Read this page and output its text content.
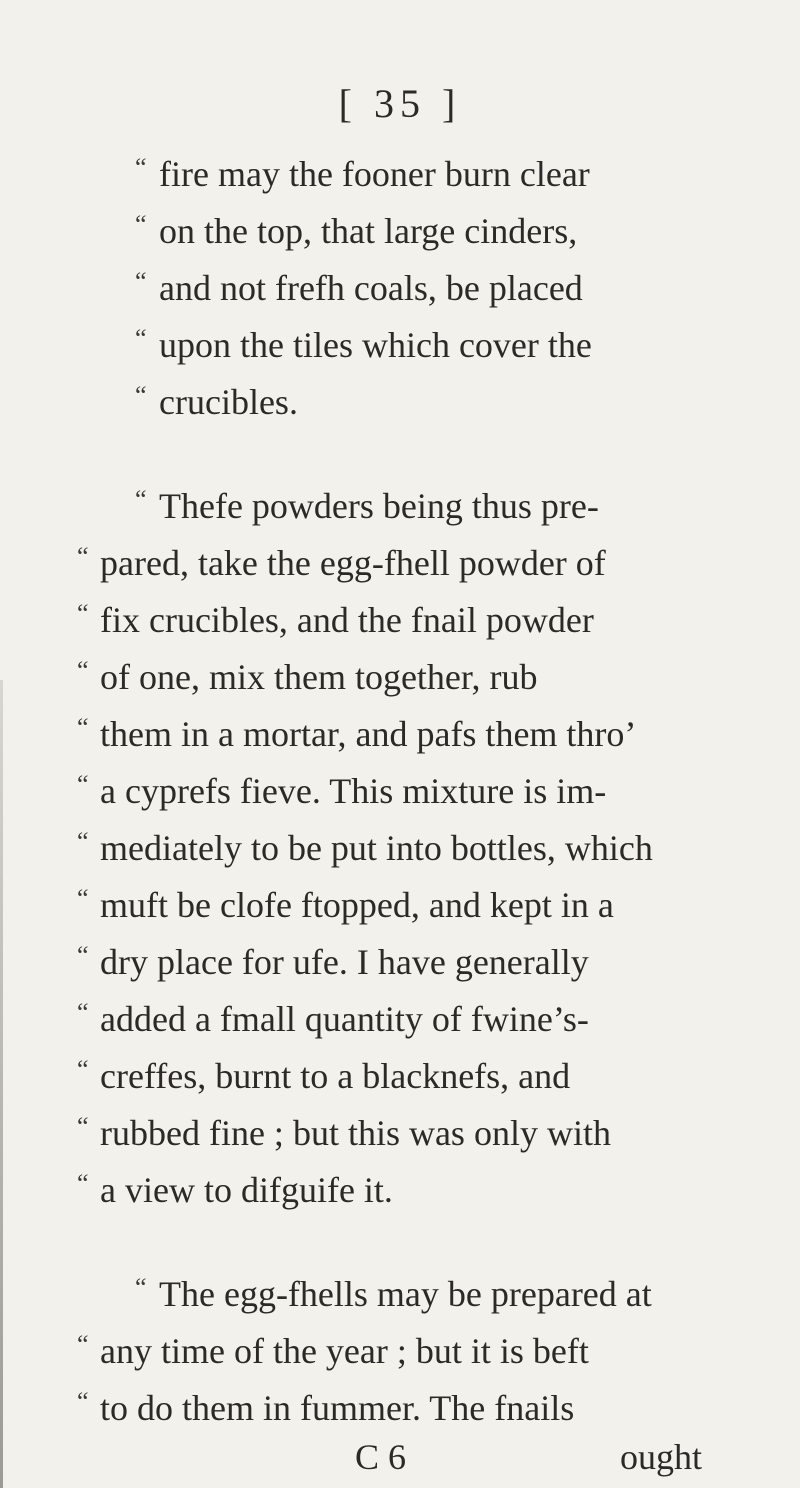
[ 35 ]
“ fire may the fooner burn clear
“ on the top, that large cinders,
“ and not frefh coals, be placed
“ upon the tiles which cover the
“ crucibles.
“ Thefe powders being thus pre-
“ pared, take the egg-fhell powder of
“ fix crucibles, and the fnail powder
“ of one, mix them together, rub
“ them in a mortar, and pafs them thro’
“ a cyprefs fieve. This mixture is im-
“ mediately to be put into bottles, which
“ muft be clofe ftopped, and kept in a
“ dry place for ufe. I have generally
“ added a fmall quantity of fwine’s-
“ creffes, burnt to a blacknefs, and
“ rubbed fine ; but this was only with
“ a view to difguife it.
“ The egg-fhells may be prepared at
“ any time of the year ; but it is beft
“ to do them in fummer. The fnails
C 6	ought
